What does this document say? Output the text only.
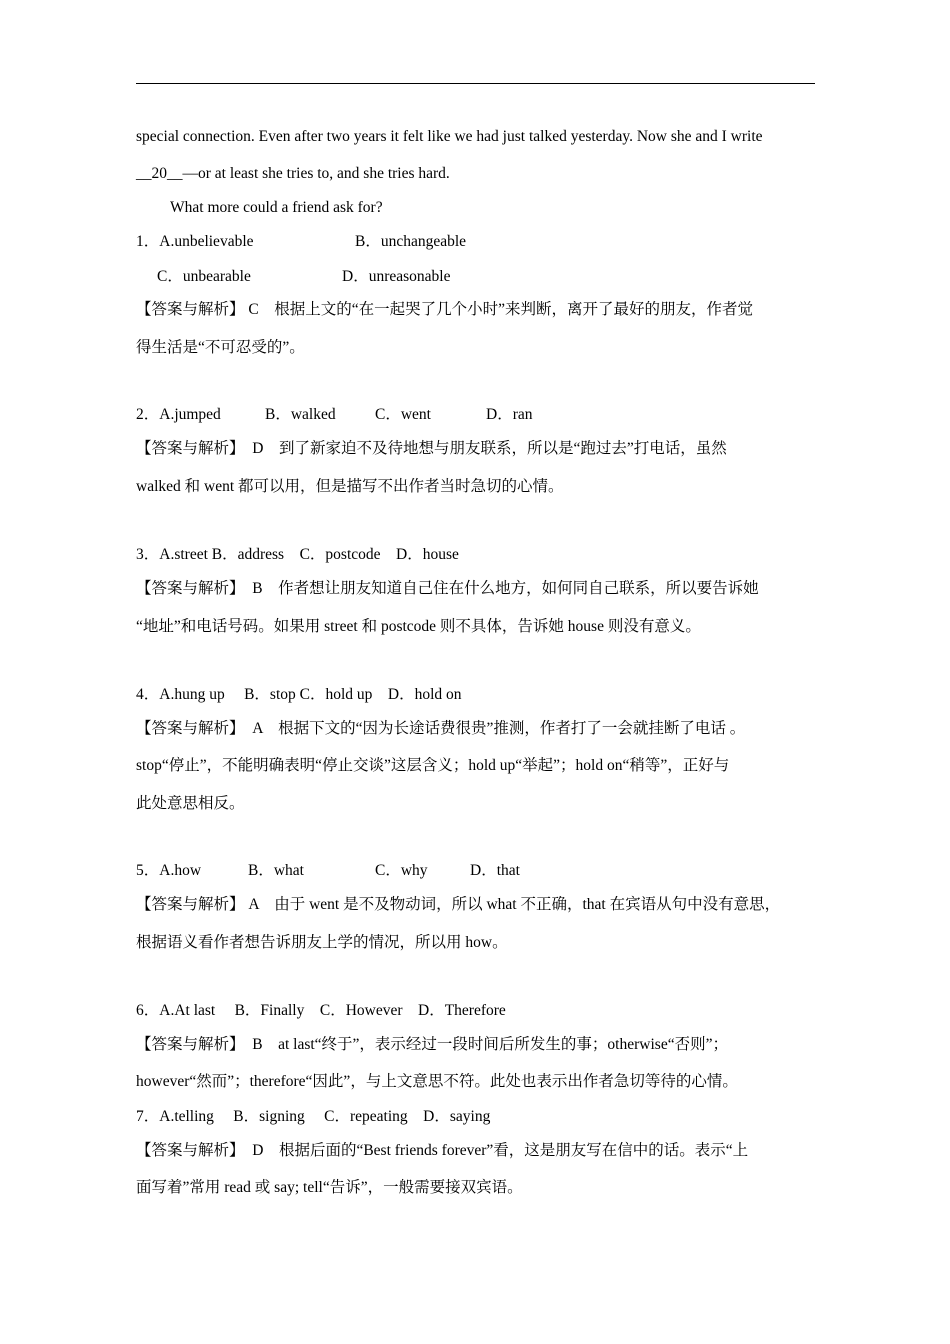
special connection. Even after two years it felt like we had just talked yesterday. Now she and I write
__20__—or at least she tries to, and she tries hard.
What more could a friend ask for?
1．A.unbelievable	B．unchangeable
C．unbearable	D．unreasonable
【答案与解析】 C　根据上文的“在一起哭了几个小时”来判断，离开了最好的朋友，作者觉
得生活是“不可忍受的”。
2．A.jumped	B．walked	C．went	D．ran
【答案与解析】　D　到了新家迫不及待地想与朋友联系，所以是“跑过去”打电话，虽然
walked 和 went 都可以用，但是描写不出作者当时急切的心情。
3．A.street B．address　C．postcode　D．house
【答案与解析】　B　作者想让朋友知道自己住在什么地方，如何同自己联系，所以要告诉她
“地址”和电话号码。如果用 street 和 postcode 则不具体，告诉她 house 则没有意义。
4．A.hung up　 B．stop C．hold up　D．hold on
【答案与解析】　A　根据下文的“因为长途话费很贵”推测，作者打了一会就挂断了电话 。
stop“停止”，不能明确表明“停止交谈”这层含义；hold up“举起”；hold on“稍等”，正好与
此处意思相反。
5．A.how	B．what	C．why	D．that
【答案与解析】 A　由于 went 是不及物动词，所以 what 不正确，that 在宾语从句中没有意思，
根据语义看作者想告诉朋友上学的情况，所以用 how。
6．A.At last　 B．Finally　C．However　D．Therefore
【答案与解析】　B　at last“终于”，表示经过一段时间后所发生的事；otherwise“否则”；
however“然而”；therefore“因此”，与上文意思不符。此处也表示出作者急切等待的心情。
7．A.telling　 B．signing　 C．repeating　D．saying
【答案与解析】　D　根据后面的“Best friends forever”看，这是朋友写在信中的话。表示“上
面写着”常用 read 或 say; tell“告诉”，一般需要接双宾语。
